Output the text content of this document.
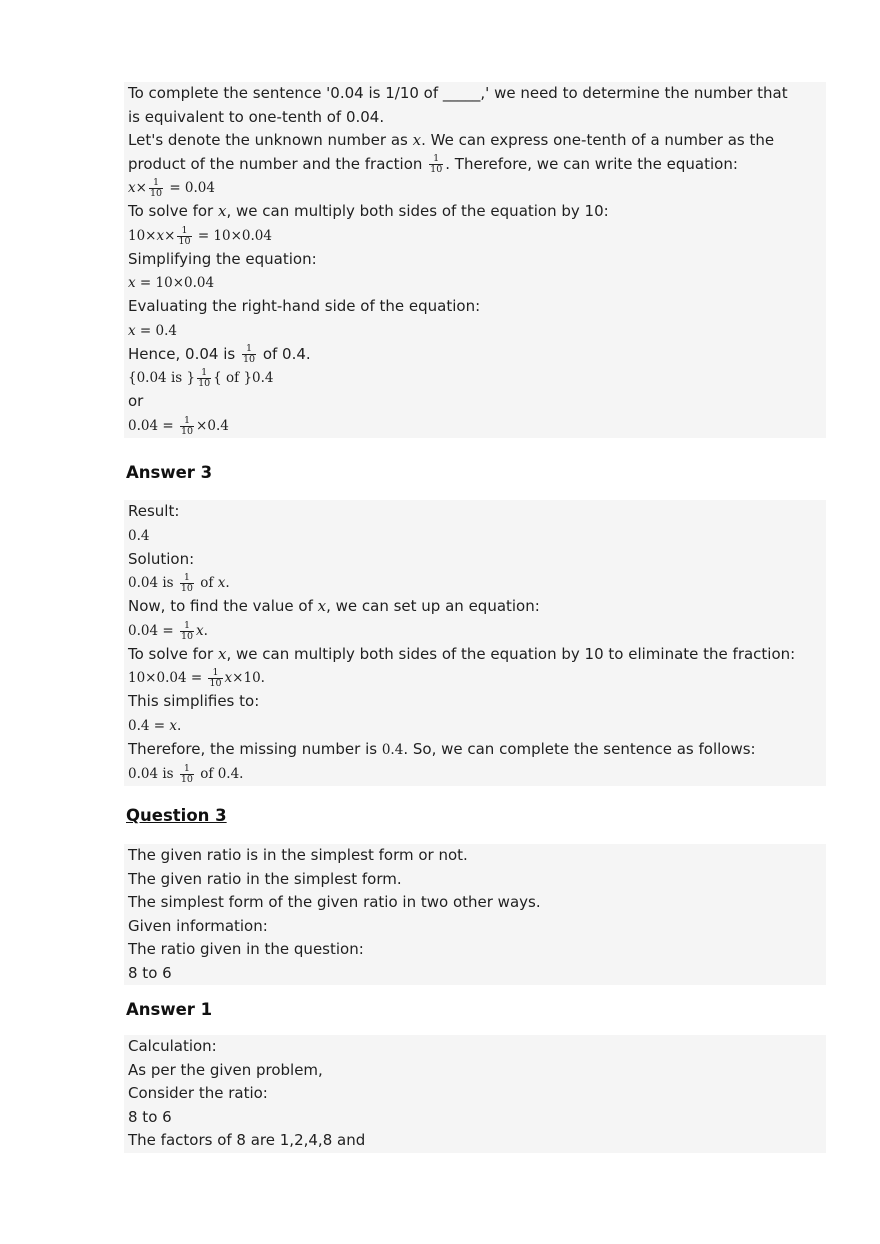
To complete the sentence '0.04 is 1/10 of _____,' we need to determine the number that
is equivalent to one-tenth of 0.04.
Let's denote the unknown number as x. We can express one-tenth of a number as the
product of the number and the fraction $\frac{1}{10}$ . Therefore, we can write the equation:
$x\times \frac{1}{10} = 0.04$
To solve for x, we can multiply both sides of the equation by 10:
$10\times x\times \frac{1}{10} = 10\times 0.04$
Simplifying the equation:
x = 10×0.04
Evaluating the right-hand side of the equation:
x = 0.4
Hence, 0.04 is $\frac{1}{10}$ of 0.4.
{0.04 is } $\frac{1}{10}$ { of }0.4
or
$0.04 = \frac{1}{10} \times 0.4$
Answer 3
Result:
0.4
Solution:
0.04 is $\frac{1}{10}$ of x.
Now, to find the value of x, we can set up an equation:
$0.04 = \frac{1}{10} x$.
To solve for x, we can multiply both sides of the equation by 10 to eliminate the fraction:
$10\times 0.04 = \frac{1}{10} x\times 10$.
This simplifies to:
0.4 = x.
Therefore, the missing number is 0.4. So, we can complete the sentence as follows:
0.04 is $\frac{1}{10}$ of 0.4.
Question 3
The given ratio is in the simplest form or not.
The given ratio in the simplest form.
The simplest form of the given ratio in two other ways.
Given information:
The ratio given in the question:
8 to 6
Answer 1
Calculation:
As per the given problem,
Consider the ratio:
8 to 6
The factors of 8 are 1,2,4,8 and
